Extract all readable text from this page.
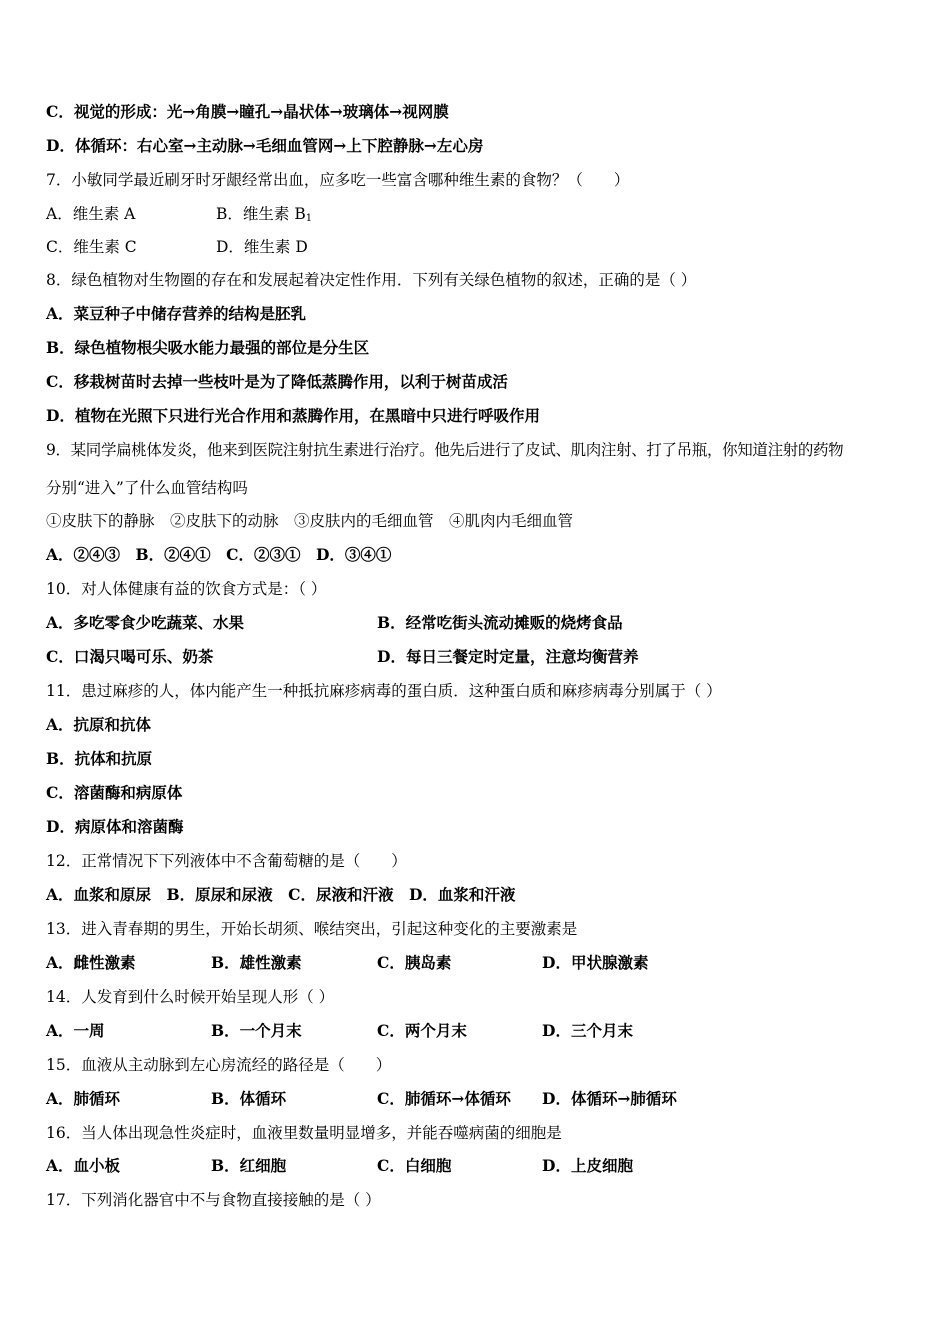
C．视觉的形成：光→角膜→瞳孔→晶状体→玻璃体→视网膜
D．体循环：右心室→主动脉→毛细血管网→上下腔静脉→左心房
7．小敏同学最近刷牙时牙龈经常出血，应多吃一些富含哪种维生素的食物？（　　）
A．维生素 A	B．维生素 $B_1$
C．维生素 C	D．维生素 D
8．绿色植物对生物圈的存在和发展起着决定性作用．下列有关绿色植物的叙述，正确的是（ ）
A．菜豆种子中储存营养的结构是胚乳
B．绿色植物根尖吸水能力最强的部位是分生区
C．移栽树苗时去掉一些枝叶是为了降低蒸腾作用，以利于树苗成活
D．植物在光照下只进行光合作用和蒸腾作用，在黑暗中只进行呼吸作用
9．某同学扁桃体发炎，他来到医院注射抗生素进行治疗。他先后进行了皮试、肌肉注射、打了吊瓶，你知道注射的药物
分别“进入”了什么血管结构吗
①皮肤下的静脉　②皮肤下的动脉　③皮肤内的毛细血管　④肌肉内毛细血管
A．②④③　B．②④①　C．②③①　D．③④①
10．对人体健康有益的饮食方式是：（ ）
A．多吃零食少吃蔬菜、水果	B．经常吃街头流动摊贩的烧烤食品
C．口渴只喝可乐、奶茶	D．每日三餐定时定量，注意均衡营养
11．患过麻疹的人，体内能产生一种抵抗麻疹病毒的蛋白质．这种蛋白质和麻疹病毒分别属于（ ）
A．抗原和抗体
B．抗体和抗原
C．溶菌酶和病原体
D．病原体和溶菌酶
12．正常情况下下列液体中不含葡萄糖的是（　　）
A．血浆和原尿　B．原尿和尿液　C．尿液和汗液　D．血浆和汗液
13．进入青春期的男生，开始长胡须、喉结突出，引起这种变化的主要激素是
A．雌性激素	B．雄性激素	C．胰岛素	D．甲状腺激素
14．人发育到什么时候开始呈现人形（ ）
A．一周	B．一个月末	C．两个月末	D．三个月末
15．血液从主动脉到左心房流经的路径是（　　）
A．肺循环	B．体循环	C．肺循环→体循环 D．体循环→肺循环
16．当人体出现急性炎症时，血液里数量明显增多，并能吞噬病菌的细胞是
A．血小板	B．红细胞	C．白细胞	D．上皮细胞
17．下列消化器官中不与食物直接接触的是（ ）
